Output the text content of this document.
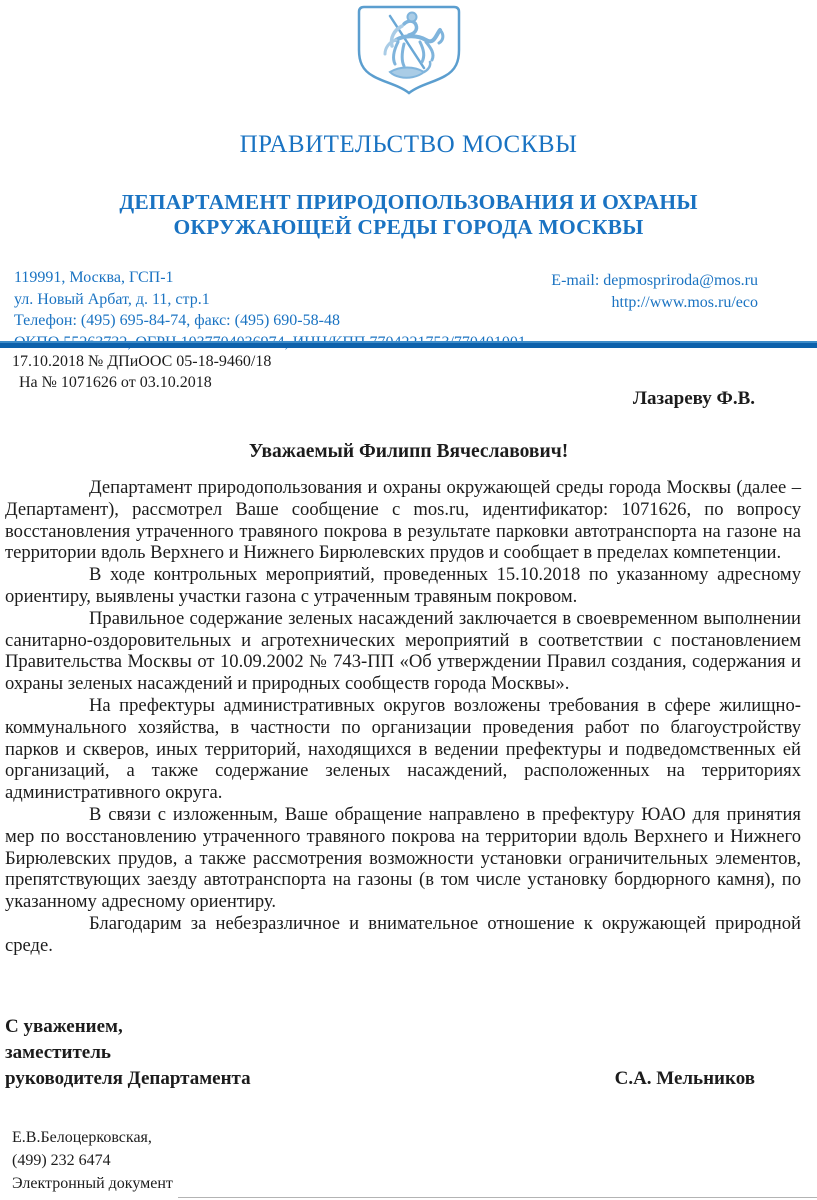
ПРАВИТЕЛЬСТВО МОСКВЫ
ДЕПАРТАМЕНТ ПРИРОДОПОЛЬЗОВАНИЯ И ОХРАНЫ ОКРУЖАЮЩЕЙ СРЕДЫ ГОРОДА МОСКВЫ
119991, Москва, ГСП-1
ул. Новый Арбат, д. 11, стр.1
Телефон: (495) 695-84-74, факс: (495) 690-58-48
E-mail: depmospriroda@mos.ru
http://www.mos.ru/eco
17.10.2018 № ДПиООС 05-18-9460/18
На № 1071626 от 03.10.2018
Лазареву Ф.В.
Уважаемый Филипп Вячеславович!

Департамент природопользования и охраны окружающей среды города Москвы (далее – Департамент), рассмотрел Ваше сообщение с mos.ru, идентификатор: 1071626, по вопросу восстановления утраченного травяного покрова в результате парковки автотранспорта на газоне на территории вдоль Верхнего и Нижнего Бирюлевских прудов и сообщает в пределах компетенции.

В ходе контрольных мероприятий, проведенных 15.10.2018 по указанному адресному ориентиру, выявлены участки газона с утраченным травяным покровом.

Правильное содержание зеленых насаждений заключается в своевременном выполнении санитарно-оздоровительных и агротехнических мероприятий в соответствии с постановлением Правительства Москвы от 10.09.2002 № 743-ПП «Об утверждении Правил создания, содержания и охраны зеленых насаждений и природных сообществ города Москвы».

На префектуры административных округов возложены требования в сфере жилищно-коммунального хозяйства, в частности по организации проведения работ по благоустройству парков и скверов, иных территорий, находящихся в ведении префектуры и подведомственных ей организаций, а также содержание зеленых насаждений, расположенных на территориях административного округа.

В связи с изложенным, Ваше обращение направлено в префектуру ЮАО для принятия мер по восстановлению утраченного травяного покрова на территории вдоль Верхнего и Нижнего Бирюлевских прудов, а также рассмотрения возможности установки ограничительных элементов, препятствующих заезду автотранспорта на газоны (в том числе установку бордюрного камня), по указанному адресному ориентиру.

Благодарим за небезразличное и внимательное отношение к окружающей природной среде.

С уважением,
заместитель
руководителя Департамента	С.А. Мельников
Е.В.Белоцерковская,
(499) 232 6474
Электронный документ
